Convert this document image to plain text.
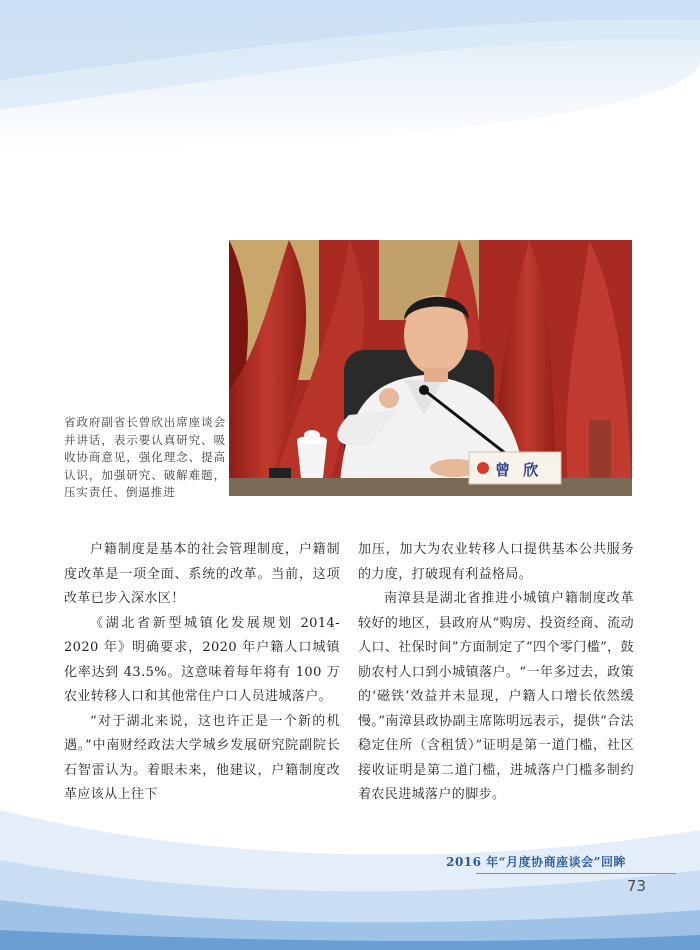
曾 欣
省政府副省长曾欣出席座谈会并讲话，表示要认真研究、吸收协商意见，强化理念、提高认识，加强研究、破解难题，压实责任、倒逼推进

户籍制度是基本的社会管理制度，户籍制度改革是一项全面、系统的改革。当前，这项改革已步入深水区！

《湖北省新型城镇化发展规划 2014-2020 年》明确要求，2020 年户籍人口城镇化率达到 43.5%。这意味着每年将有 100 万农业转移人口和其他常住户口人员进城落户。

“对于湖北来说，这也许正是一个新的机遇。”中南财经政法大学城乡发展研究院副院长石智雷认为。着眼未来，他建议，户籍制度改革应该从上往下

加压，加大为农业转移人口提供基本公共服务的力度，打破现有利益格局。

南漳县是湖北省推进小城镇户籍制度改革较好的地区，县政府从“购房、投资经商、流动人口、社保时间”方面制定了“四个零门槛”，鼓励农村人口到小城镇落户。“一年多过去，政策的‘磁铁’效益并未显现，户籍人口增长依然缓慢。”南漳县政协副主席陈明远表示，提供“合法稳定住所（含租赁）”证明是第一道门槛，社区接收证明是第二道门槛，进城落户门槛多制约着农民进城落户的脚步。

2016 年“月度协商座谈会”回眸
73
